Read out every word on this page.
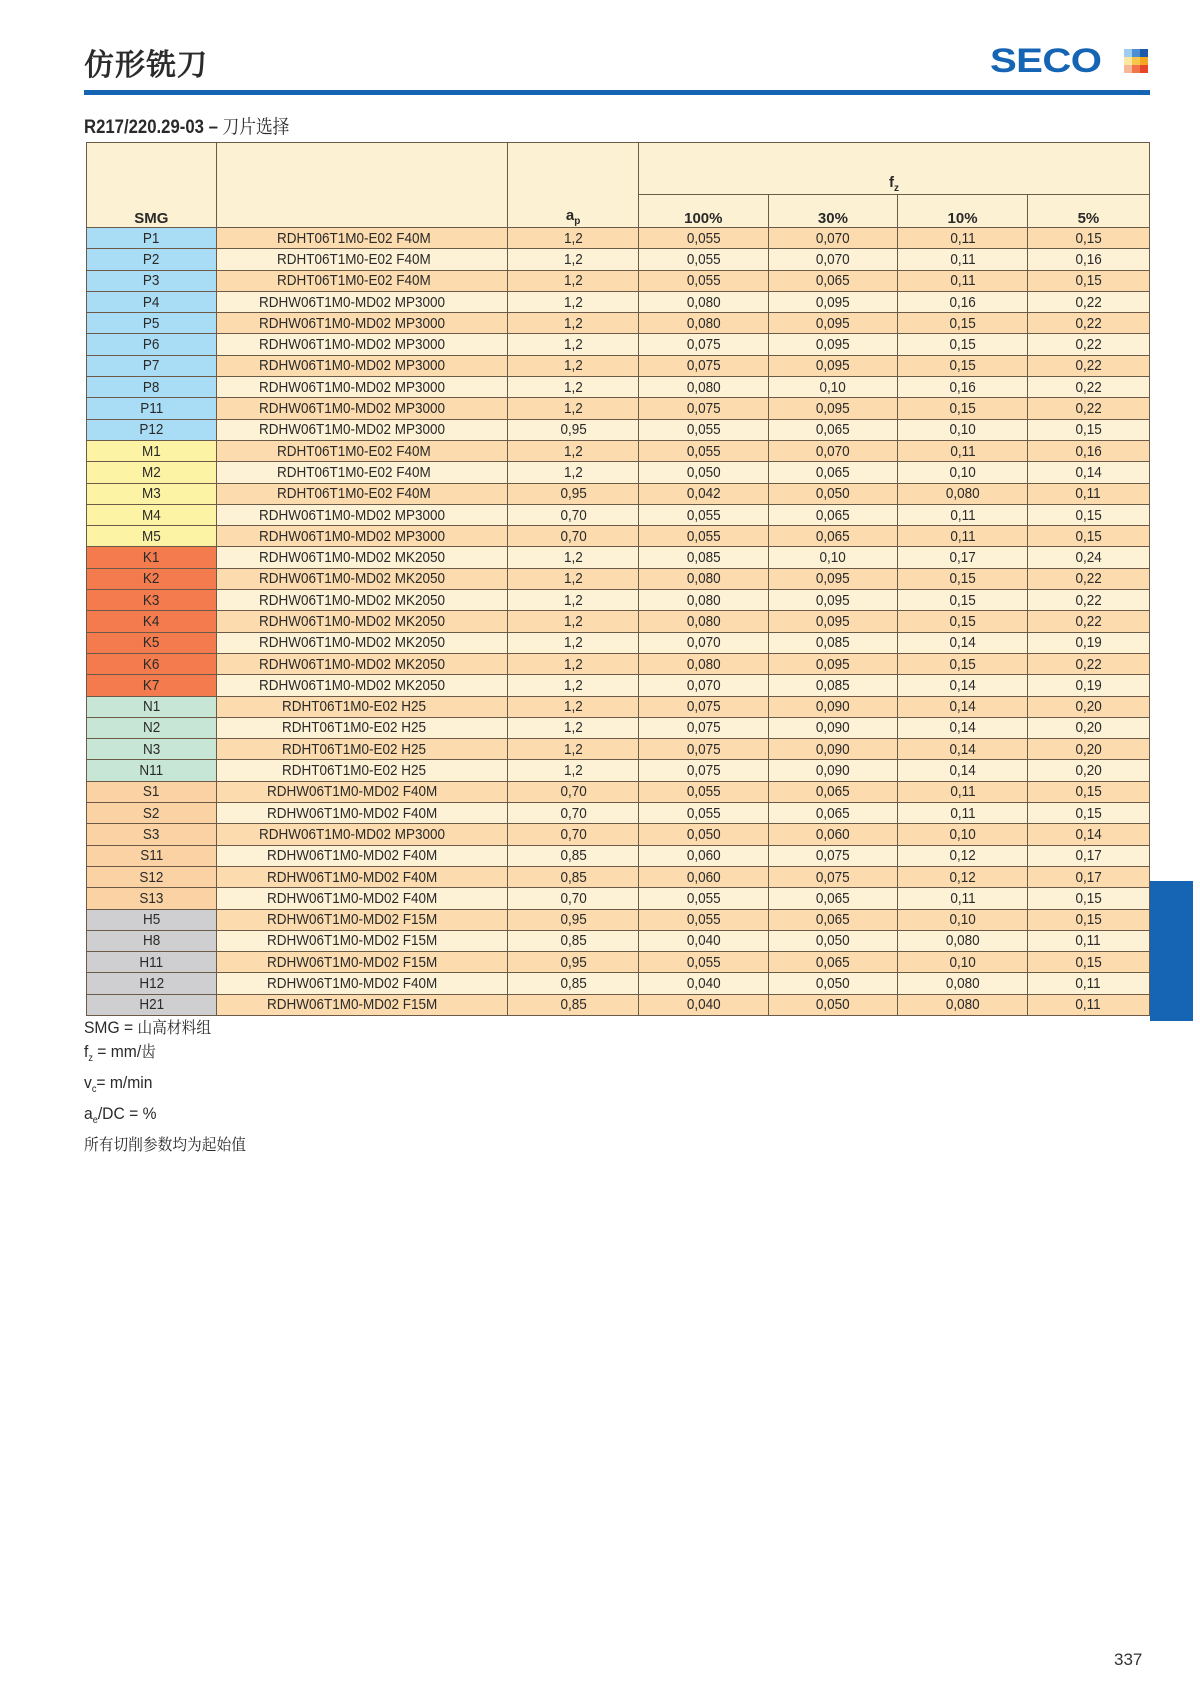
仿形铣刀	SECO
R217/220.29-03 – 刀片选择
SMG		$a_p$	$f_z$
			100%	30%	10%	5%
P1	RDHT06T1M0-E02 F40M	1,2	0,055	0,070	0,11	0,15
P2	RDHT06T1M0-E02 F40M	1,2	0,055	0,070	0,11	0,16
P3	RDHT06T1M0-E02 F40M	1,2	0,055	0,065	0,11	0,15
P4	RDHW06T1M0-MD02 MP3000	1,2	0,080	0,095	0,16	0,22
P5	RDHW06T1M0-MD02 MP3000	1,2	0,080	0,095	0,15	0,22
P6	RDHW06T1M0-MD02 MP3000	1,2	0,075	0,095	0,15	0,22
P7	RDHW06T1M0-MD02 MP3000	1,2	0,075	0,095	0,15	0,22
P8	RDHW06T1M0-MD02 MP3000	1,2	0,080	0,10	0,16	0,22
P11	RDHW06T1M0-MD02 MP3000	1,2	0,075	0,095	0,15	0,22
P12	RDHW06T1M0-MD02 MP3000	0,95	0,055	0,065	0,10	0,15
M1	RDHT06T1M0-E02 F40M	1,2	0,055	0,070	0,11	0,16
M2	RDHT06T1M0-E02 F40M	1,2	0,050	0,065	0,10	0,14
M3	RDHT06T1M0-E02 F40M	0,95	0,042	0,050	0,080	0,11
M4	RDHW06T1M0-MD02 MP3000	0,70	0,055	0,065	0,11	0,15
M5	RDHW06T1M0-MD02 MP3000	0,70	0,055	0,065	0,11	0,15
K1	RDHW06T1M0-MD02 MK2050	1,2	0,085	0,10	0,17	0,24
K2	RDHW06T1M0-MD02 MK2050	1,2	0,080	0,095	0,15	0,22
K3	RDHW06T1M0-MD02 MK2050	1,2	0,080	0,095	0,15	0,22
K4	RDHW06T1M0-MD02 MK2050	1,2	0,080	0,095	0,15	0,22
K5	RDHW06T1M0-MD02 MK2050	1,2	0,070	0,085	0,14	0,19
K6	RDHW06T1M0-MD02 MK2050	1,2	0,080	0,095	0,15	0,22
K7	RDHW06T1M0-MD02 MK2050	1,2	0,070	0,085	0,14	0,19
N1	RDHT06T1M0-E02 H25	1,2	0,075	0,090	0,14	0,20
N2	RDHT06T1M0-E02 H25	1,2	0,075	0,090	0,14	0,20
N3	RDHT06T1M0-E02 H25	1,2	0,075	0,090	0,14	0,20
N11	RDHT06T1M0-E02 H25	1,2	0,075	0,090	0,14	0,20
S1	RDHW06T1M0-MD02 F40M	0,70	0,055	0,065	0,11	0,15
S2	RDHW06T1M0-MD02 F40M	0,70	0,055	0,065	0,11	0,15
S3	RDHW06T1M0-MD02 MP3000	0,70	0,050	0,060	0,10	0,14
S11	RDHW06T1M0-MD02 F40M	0,85	0,060	0,075	0,12	0,17
S12	RDHW06T1M0-MD02 F40M	0,85	0,060	0,075	0,12	0,17
S13	RDHW06T1M0-MD02 F40M	0,70	0,055	0,065	0,11	0,15
H5	RDHW06T1M0-MD02 F15M	0,95	0,055	0,065	0,10	0,15
H8	RDHW06T1M0-MD02 F15M	0,85	0,040	0,050	0,080	0,11
H11	RDHW06T1M0-MD02 F15M	0,95	0,055	0,065	0,10	0,15
H12	RDHW06T1M0-MD02 F40M	0,85	0,040	0,050	0,080	0,11
H21	RDHW06T1M0-MD02 F15M	0,85	0,040	0,050	0,080	0,11
SMG = 山高材料组
$f_z = mm/$齿
$v_c= m/\min$
$a_e/DC$ = %
所有切削参数均为起始值
337
